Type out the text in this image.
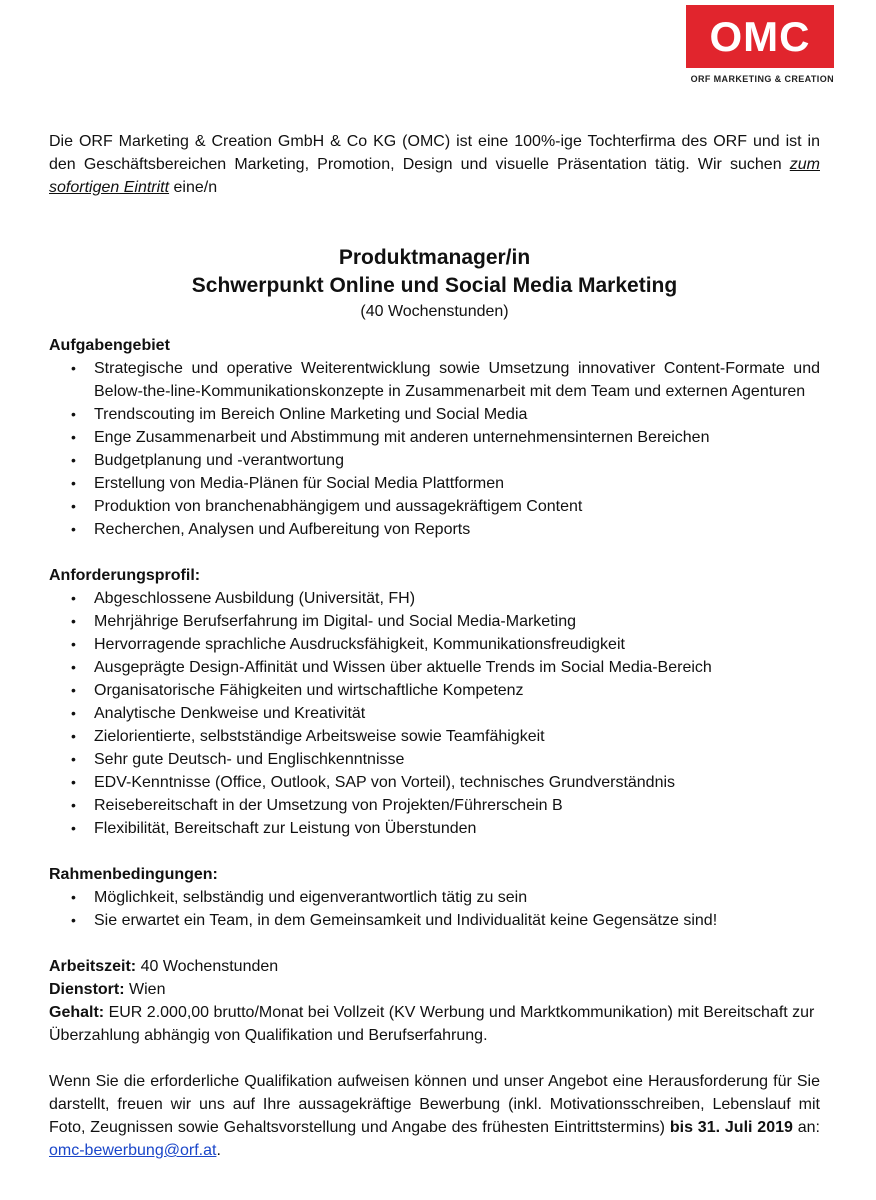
OMC
ORF MARKETING & CREATION

Die ORF Marketing & Creation GmbH & Co KG (OMC) ist eine 100%-ige Tochterfirma des ORF und ist in den Geschäftsbereichen Marketing, Promotion, Design und visuelle Präsentation tätig. Wir suchen zum sofortigen Eintritt eine/n

Produktmanager/in
Schwerpunkt Online und Social Media Marketing
(40 Wochenstunden)
Aufgabengebiet
• Strategische und operative Weiterentwicklung sowie Umsetzung innovativer Content-Formate und Below-the-line-Kommunikationskonzepte in Zusammenarbeit mit dem Team und externen Agenturen
• Trendscouting im Bereich Online Marketing und Social Media
• Enge Zusammenarbeit und Abstimmung mit anderen unternehmensinternen Bereichen
• Budgetplanung und -verantwortung
• Erstellung von Media-Plänen für Social Media Plattformen
• Produktion von branchenabhängigem und aussagekräftigem Content
• Recherchen, Analysen und Aufbereitung von Reports
Anforderungsprofil:
• Abgeschlossene Ausbildung (Universität, FH)
• Mehrjährige Berufserfahrung im Digital- und Social Media-Marketing
• Hervorragende sprachliche Ausdrucksfähigkeit, Kommunikationsfreudigkeit
• Ausgeprägte Design-Affinität und Wissen über aktuelle Trends im Social Media-Bereich
• Organisatorische Fähigkeiten und wirtschaftliche Kompetenz
• Analytische Denkweise und Kreativität
• Zielorientierte, selbstständige Arbeitsweise sowie Teamfähigkeit
• Sehr gute Deutsch- und Englischkenntnisse
• EDV-Kenntnisse (Office, Outlook, SAP von Vorteil), technisches Grundverständnis
• Reisebereitschaft in der Umsetzung von Projekten/Führerschein B
• Flexibilität, Bereitschaft zur Leistung von Überstunden
Rahmenbedingungen:
• Möglichkeit, selbständig und eigenverantwortlich tätig zu sein
• Sie erwartet ein Team, in dem Gemeinsamkeit und Individualität keine Gegensätze sind!
Arbeitszeit: 40 Wochenstunden
Dienstort: Wien
Gehalt: EUR 2.000,00 brutto/Monat bei Vollzeit (KV Werbung und Marktkommunikation) mit Bereitschaft zur Überzahlung abhängig von Qualifikation und Berufserfahrung.

Wenn Sie die erforderliche Qualifikation aufweisen können und unser Angebot eine Herausforderung für Sie darstellt, freuen wir uns auf Ihre aussagekräftige Bewerbung (inkl. Motivationsschreiben, Lebenslauf mit Foto, Zeugnissen sowie Gehaltsvorstellung und Angabe des frühesten Eintrittstermins) bis 31. Juli 2019 an: omc-bewerbung@orf.at.
